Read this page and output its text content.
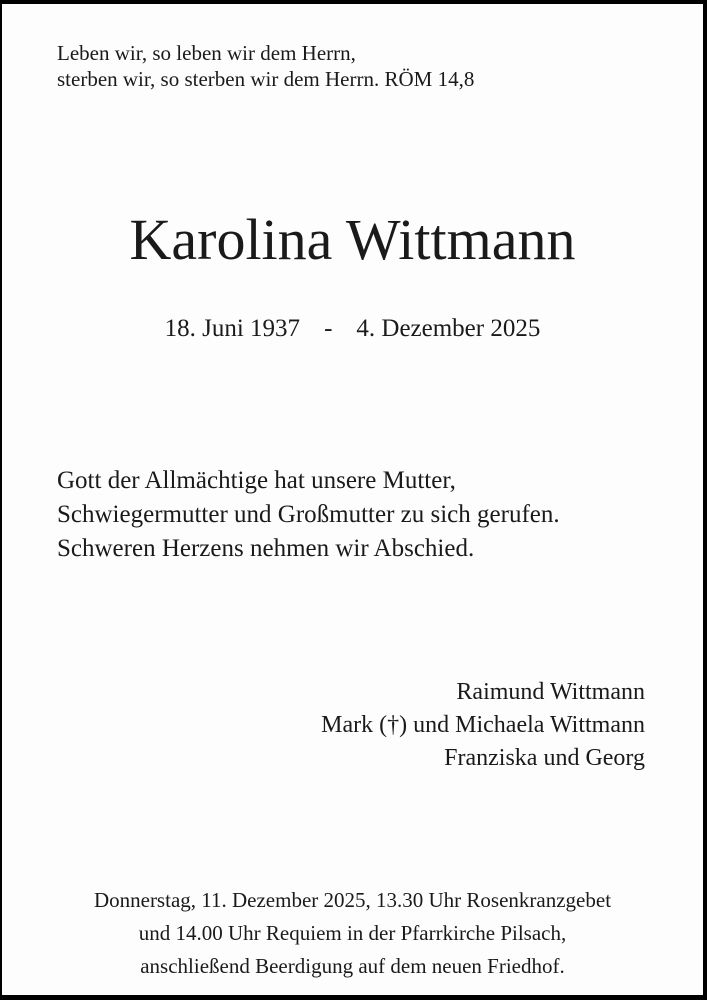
Leben wir, so leben wir dem Herrn,
sterben wir, so sterben wir dem Herrn. RÖM 14,8
Karolina Wittmann
18. Juni 1937 - 4. Dezember 2025
Gott der Allmächtige hat unsere Mutter,
Schwiegermutter und Großmutter zu sich gerufen.
Schweren Herzens nehmen wir Abschied.
Raimund Wittmann
Mark (†) und Michaela Wittmann
Franziska und Georg
Donnerstag, 11. Dezember 2025, 13.30 Uhr Rosenkranzgebet
und 14.00 Uhr Requiem in der Pfarrkirche Pilsach,
anschließend Beerdigung auf dem neuen Friedhof.
